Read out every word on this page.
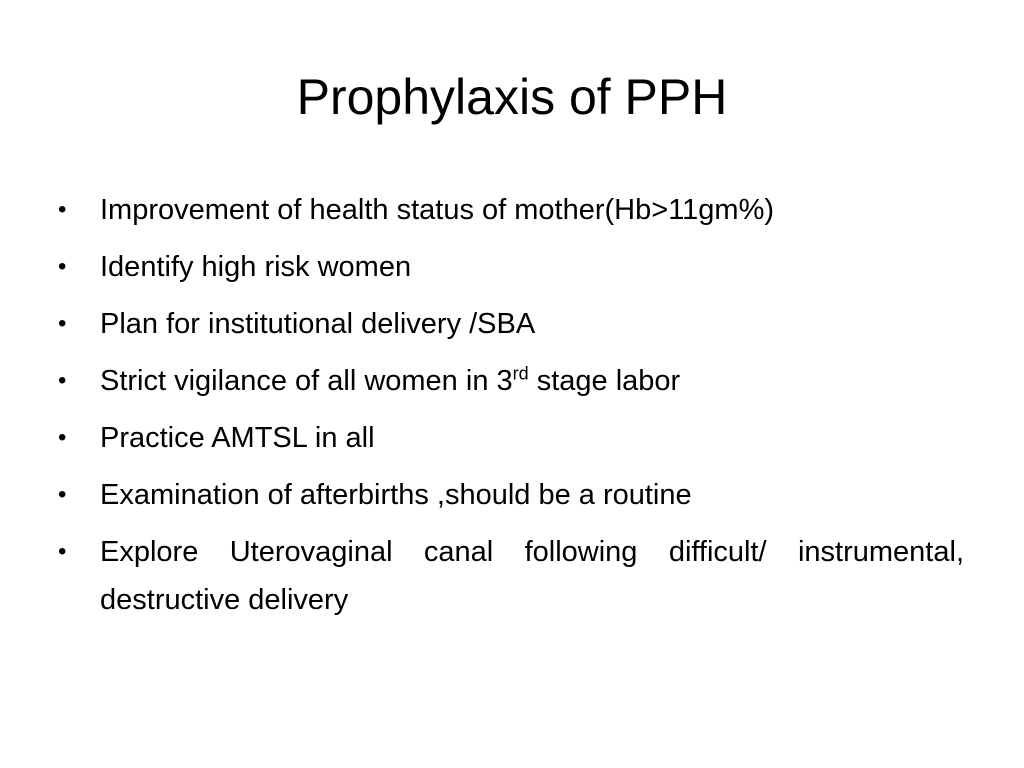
Prophylaxis of PPH
•	Improvement of health status of mother(Hb>11gm%)
•	Identify high risk women
•	Plan for institutional delivery /SBA
•	Strict vigilance of all women in 3rd stage labor
•	Practice AMTSL in all
•	Examination of afterbirths ,should be a routine
•	Explore Uterovaginal canal following difficult/ instrumental, destructive delivery
